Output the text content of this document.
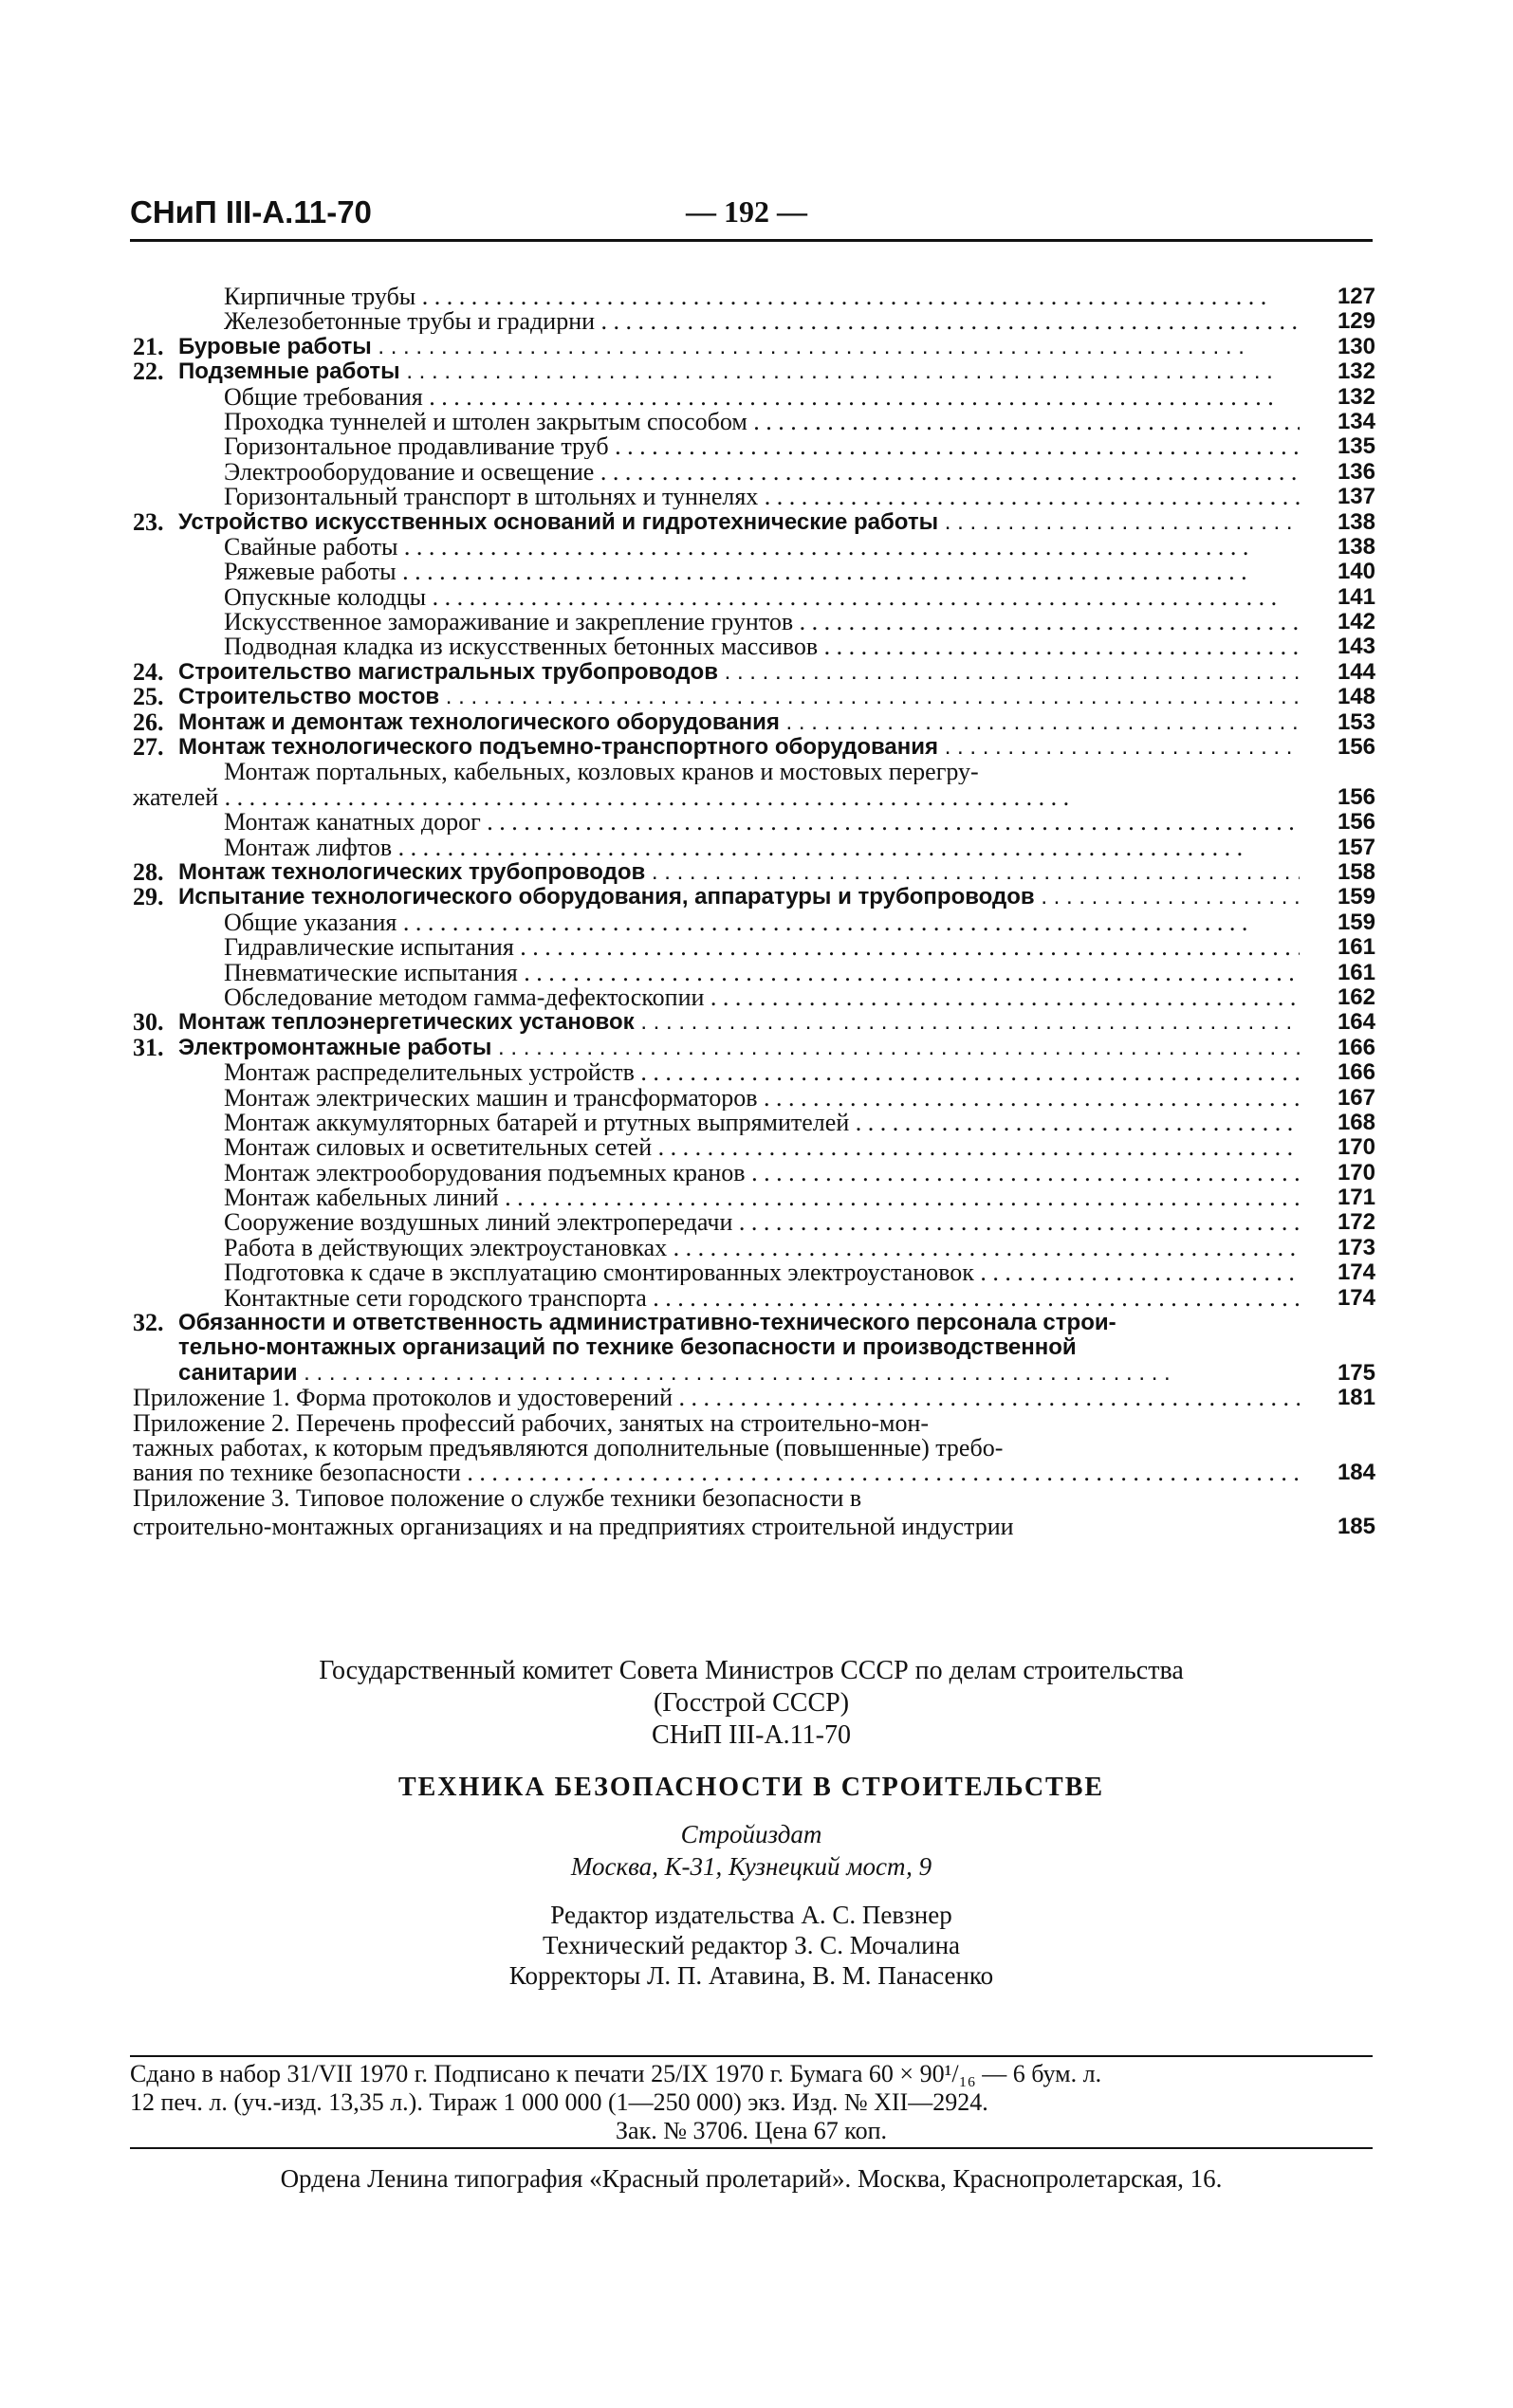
СНиП III-А.11-70	— 192 —
Кирпичные трубы . . .	127
Железобетонные трубы и градирни . . .	129
21. Буровые работы . . .	130
22. Подземные работы . . .	132
Общие требования . . .	132
Проходка туннелей и штолен закрытым способом . . .	134
Горизонтальное продавливание труб . . .	135
Электрооборудование и освещение . . .	136
Горизонтальный транспорт в штольнях и туннелях . . .	137
23. Устройство искусственных оснований и гидротехнические работы . . .	138
Свайные работы . . .	138
Ряжевые работы . . .	140
Опускные колодцы . . .	141
Искусственное замораживание и закрепление грунтов . . .	142
Подводная кладка из искусственных бетонных массивов . . .	143
24. Строительство магистральных трубопроводов . . .	144
25. Строительство мостов . . .	148
26. Монтаж и демонтаж технологического оборудования . . .	153
27. Монтаж технологического подъемно-транспортного оборудования . . .	156
Монтаж портальных, кабельных, козловых кранов и мостовых перегру-
жателей . . .	156
Монтаж канатных дорог . . .	156
Монтаж лифтов . . .	157
28. Монтаж технологических трубопроводов . . .	158
29. Испытание технологического оборудования, аппаратуры и трубопроводов . . .	159
Общие указания . . .	159
Гидравлические испытания . . .	161
Пневматические испытания . . .	161
Обследование методом гамма-дефектоскопии . . .	162
30. Монтаж теплоэнергетических установок . . .	164
31. Электромонтажные работы . . .	166
Монтаж распределительных устройств . . .	166
Монтаж электрических машин и трансформаторов . . .	167
Монтаж аккумуляторных батарей и ртутных выпрямителей . . .	168
Монтаж силовых и осветительных сетей . . .	170
Монтаж электрооборудования подъемных кранов . . .	170
Монтаж кабельных линий . . .	171
Сооружение воздушных линий электропередачи . . .	172
Работа в действующих электроустановках . . .	173
Подготовка к сдаче в эксплуатацию смонтированных электроустановок . . .	174
Контактные сети городского транспорта . . .	174
32. Обязанности и ответственность административно-технического персонала строи-
тельно-монтажных организаций по технике безопасности и производственной
санитарии . . .	175
Приложение 1. Форма протоколов и удостоверений . . .	181
Приложение 2. Перечень профессий рабочих, занятых на строительно-мон-
тажных работах, к которым предъявляются дополнительные (повышенные) требо-
вания по технике безопасности . . .	184
Приложение 3. Типовое положение о службе техники безопасности в
строительно-монтажных организациях и на предприятиях строительной индустрии	185
Государственный комитет Совета Министров СССР по делам строительства
(Госстрой СССР)
СНиП III-А.11-70
ТЕХНИКА БЕЗОПАСНОСТИ В СТРОИТЕЛЬСТВЕ
Стройиздат
Москва, К-31, Кузнецкий мост, 9
Редактор издательства А. С. Певзнер
Технический редактор З. С. Мочалина
Корректоры Л. П. Атавина, В. М. Панасенко
Сдано в набор 31/VII 1970 г. Подписано к печати 25/IX 1970 г. Бумага 60 × 90¹/₁₆ — 6 бум. л.
12 печ. л. (уч.-изд. 13,35 л.). Тираж 1 000 000 (1—250 000) экз. Изд. № XII—2924.
Зак. № 3706. Цена 67 коп.
Ордена Ленина типография «Красный пролетарий». Москва, Краснопролетарская, 16.
